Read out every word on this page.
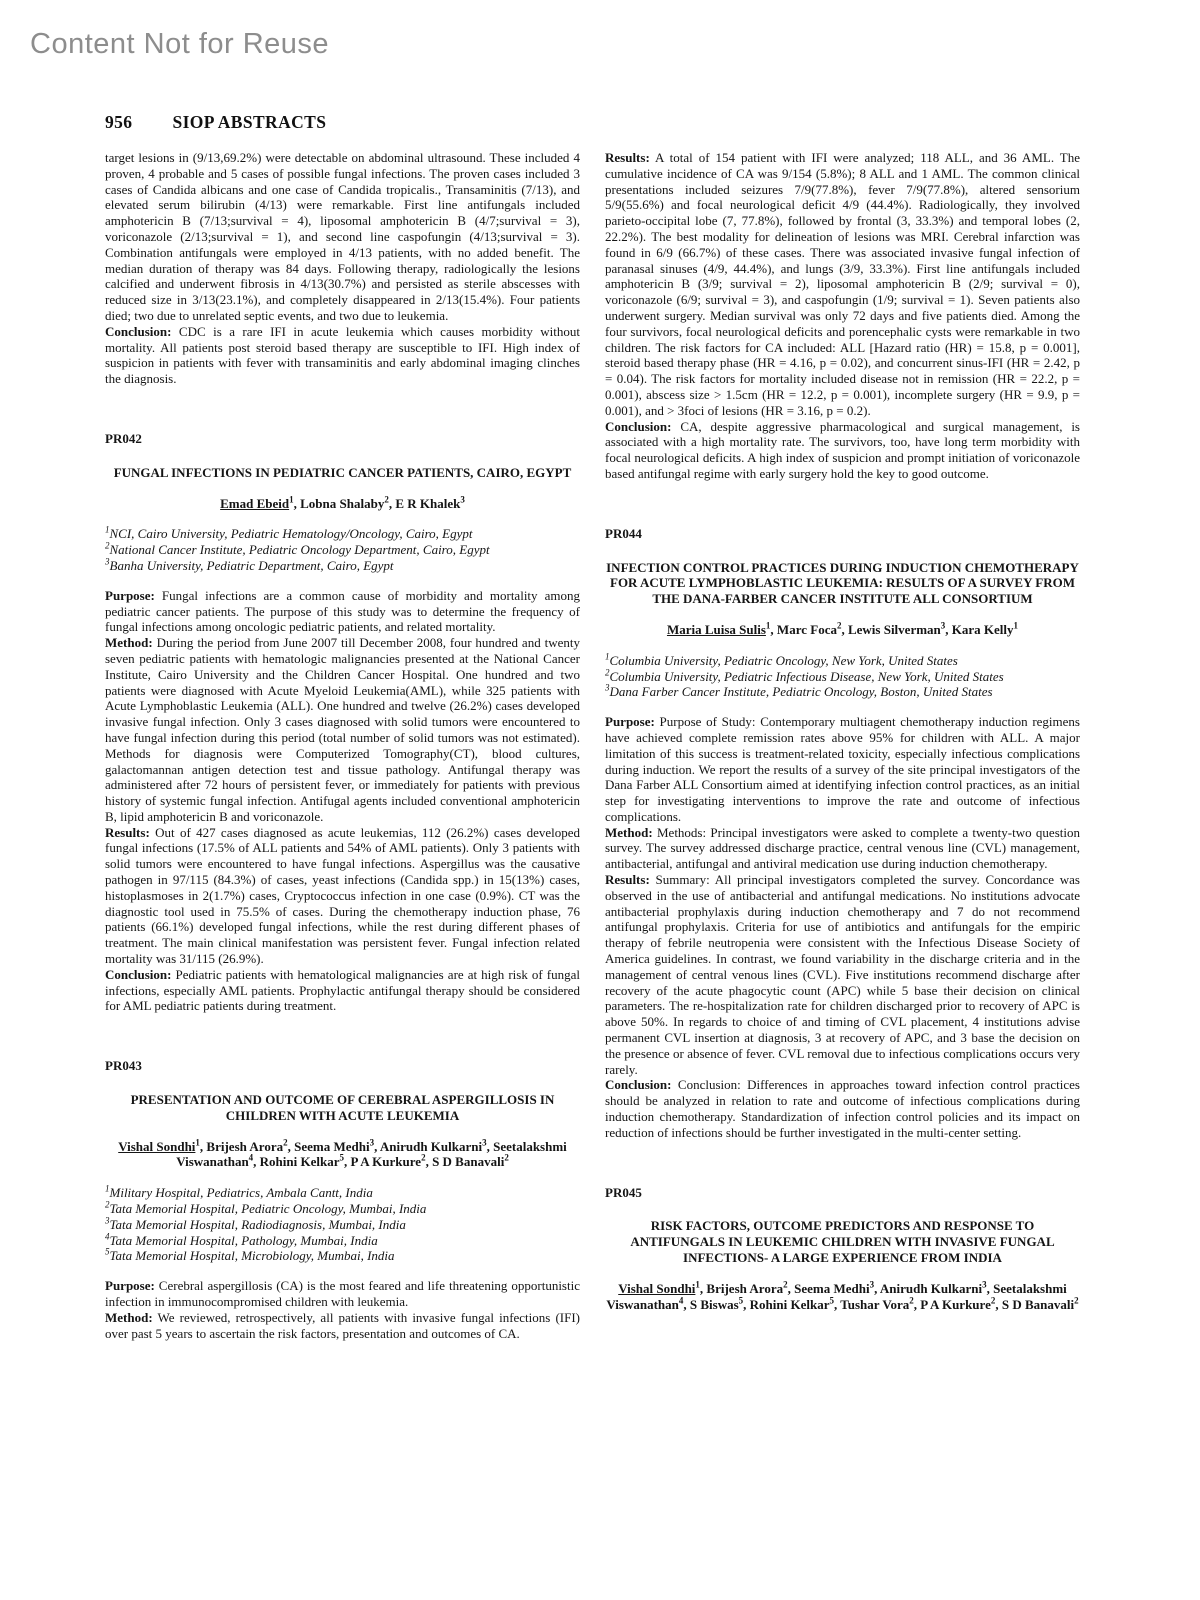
Content Not for Reuse
956 SIOP ABSTRACTS

target lesions in (9/13,69.2%) were detectable on abdominal ultrasound. These included 4 proven, 4 probable and 5 cases of possible fungal infections. The proven cases included 3 cases of Candida albicans and one case of Candida tropicalis., Transaminitis (7/13), and elevated serum bilirubin (4/13) were remarkable. First line antifungals included amphotericin B (7/13;survival = 4), liposomal amphotericin B (4/7;survival = 3), voriconazole (2/13;survival = 1), and second line caspofungin (4/13;survival = 3). Combination antifungals were employed in 4/13 patients, with no added benefit. The median duration of therapy was 84 days. Following therapy, radiologically the lesions calcified and underwent fibrosis in 4/13(30.7%) and persisted as sterile abscesses with reduced size in 3/13(23.1%), and completely disappeared in 2/13(15.4%). Four patients died; two due to unrelated septic events, and two due to leukemia.

Conclusion: CDC is a rare IFI in acute leukemia which causes morbidity without mortality. All patients post steroid based therapy are susceptible to IFI. High index of suspicion in patients with fever with transaminitis and early abdominal imaging clinches the diagnosis.

PR042
FUNGAL INFECTIONS IN PEDIATRIC CANCER PATIENTS, CAIRO, EGYPT
Emad Ebeid$^1$, Lobna Shalaby$^2$, E R Khalek$^3$
$^1$NCI, Cairo University, Pediatric Hematology/Oncology, Cairo, Egypt
$^2$National Cancer Institute, Pediatric Oncology Department, Cairo, Egypt
$^3$Banha University, Pediatric Department, Cairo, Egypt

Purpose: Fungal infections are a common cause of morbidity and mortality among pediatric cancer patients. The purpose of this study was to determine the frequency of fungal infections among oncologic pediatric patients, and related mortality.

Method: During the period from June 2007 till December 2008, four hundred and twenty seven pediatric patients with hematologic malignancies presented at the National Cancer Institute, Cairo University and the Children Cancer Hospital. One hundred and two patients were diagnosed with Acute Myeloid Leukemia(AML), while 325 patients with Acute Lymphoblastic Leukemia (ALL). One hundred and twelve (26.2%) cases developed invasive fungal infection. Only 3 cases diagnosed with solid tumors were encountered to have fungal infection during this period (total number of solid tumors was not estimated). Methods for diagnosis were Computerized Tomography(CT), blood cultures, galactomannan antigen detection test and tissue pathology. Antifungal therapy was administered after 72 hours of persistent fever, or immediately for patients with previous history of systemic fungal infection. Antifugal agents included conventional amphotericin B, lipid amphotericin B and voriconazole.

Results: Out of 427 cases diagnosed as acute leukemias, 112 (26.2%) cases developed fungal infections (17.5% of ALL patients and 54% of AML patients). Only 3 patients with solid tumors were encountered to have fungal infections. Aspergillus was the causative pathogen in 97/115 (84.3%) of cases, yeast infections (Candida spp.) in 15(13%) cases, histoplasmoses in 2(1.7%) cases, Cryptococcus infection in one case (0.9%). CT was the diagnostic tool used in 75.5% of cases. During the chemotherapy induction phase, 76 patients (66.1%) developed fungal infections, while the rest during different phases of treatment. The main clinical manifestation was persistent fever. Fungal infection related mortality was 31/115 (26.9%).

Conclusion: Pediatric patients with hematological malignancies are at high risk of fungal infections, especially AML patients. Prophylactic antifungal therapy should be considered for AML pediatric patients during treatment.

PR043
PRESENTATION AND OUTCOME OF CEREBRAL ASPERGILLOSIS IN CHILDREN WITH ACUTE LEUKEMIA
Vishal Sondhi$^1$, Brijesh Arora$^2$, Seema Medhi$^3$, Anirudh Kulkarni$^3$, Seetalakshmi Viswanathan$^4$, Rohini Kelkar$^5$, P A Kurkure$^2$, S D Banavali$^2$
$^1$Military Hospital, Pediatrics, Ambala Cantt, India
$^2$Tata Memorial Hospital, Pediatric Oncology, Mumbai, India
$^3$Tata Memorial Hospital, Radiodiagnosis, Mumbai, India
$^4$Tata Memorial Hospital, Pathology, Mumbai, India
$^5$Tata Memorial Hospital, Microbiology, Mumbai, India

Purpose: Cerebral aspergillosis (CA) is the most feared and life threatening opportunistic infection in immunocompromised children with leukemia.

Method: We reviewed, retrospectively, all patients with invasive fungal infections (IFI) over past 5 years to ascertain the risk factors, presentation and outcomes of CA.

Results: A total of 154 patient with IFI were analyzed; 118 ALL, and 36 AML. The cumulative incidence of CA was 9/154 (5.8%); 8 ALL and 1 AML. The common clinical presentations included seizures 7/9(77.8%), fever 7/9(77.8%), altered sensorium 5/9(55.6%) and focal neurological deficit 4/9 (44.4%). Radiologically, they involved parieto-occipital lobe (7, 77.8%), followed by frontal (3, 33.3%) and temporal lobes (2, 22.2%). The best modality for delineation of lesions was MRI. Cerebral infarction was found in 6/9 (66.7%) of these cases. There was associated invasive fungal infection of paranasal sinuses (4/9, 44.4%), and lungs (3/9, 33.3%). First line antifungals included amphotericin B (3/9; survival = 2), liposomal amphotericin B (2/9; survival = 0), voriconazole (6/9; survival = 3), and caspofungin (1/9; survival = 1). Seven patients also underwent surgery. Median survival was only 72 days and five patients died. Among the four survivors, focal neurological deficits and porencephalic cysts were remarkable in two children. The risk factors for CA included: ALL [Hazard ratio (HR) = 15.8, p = 0.001], steroid based therapy phase (HR = 4.16, p = 0.02), and concurrent sinus-IFI (HR = 2.42, p = 0.04). The risk factors for mortality included disease not in remission (HR = 22.2, p = 0.001), abscess size > 1.5cm (HR = 12.2, p = 0.001), incomplete surgery (HR = 9.9, p = 0.001), and > 3foci of lesions (HR = 3.16, p = 0.2).

Conclusion: CA, despite aggressive pharmacological and surgical management, is associated with a high mortality rate. The survivors, too, have long term morbidity with focal neurological deficits. A high index of suspicion and prompt initiation of voriconazole based antifungal regime with early surgery hold the key to good outcome.

PR044
INFECTION CONTROL PRACTICES DURING INDUCTION CHEMOTHERAPY FOR ACUTE LYMPHOBLASTIC LEUKEMIA: RESULTS OF A SURVEY FROM THE DANA-FARBER CANCER INSTITUTE ALL CONSORTIUM
Maria Luisa Sulis$^1$, Marc Foca$^2$, Lewis Silverman$^3$, Kara Kelly$^1$
$^1$Columbia University, Pediatric Oncology, New York, United States
$^2$Columbia University, Pediatric Infectious Disease, New York, United States
$^3$Dana Farber Cancer Institute, Pediatric Oncology, Boston, United States

Purpose: Purpose of Study: Contemporary multiagent chemotherapy induction regimens have achieved complete remission rates above 95% for children with ALL. A major limitation of this success is treatment-related toxicity, especially infectious complications during induction. We report the results of a survey of the site principal investigators of the Dana Farber ALL Consortium aimed at identifying infection control practices, as an initial step for investigating interventions to improve the rate and outcome of infectious complications.

Method: Methods: Principal investigators were asked to complete a twenty-two question survey. The survey addressed discharge practice, central venous line (CVL) management, antibacterial, antifungal and antiviral medication use during induction chemotherapy.

Results: Summary: All principal investigators completed the survey. Concordance was observed in the use of antibacterial and antifungal medications. No institutions advocate antibacterial prophylaxis during induction chemotherapy and 7 do not recommend antifungal prophylaxis. Criteria for use of antibiotics and antifungals for the empiric therapy of febrile neutropenia were consistent with the Infectious Disease Society of America guidelines. In contrast, we found variability in the discharge criteria and in the management of central venous lines (CVL). Five institutions recommend discharge after recovery of the acute phagocytic count (APC) while 5 base their decision on clinical parameters. The re-hospitalization rate for children discharged prior to recovery of APC is above 50%. In regards to choice of and timing of CVL placement, 4 institutions advise permanent CVL insertion at diagnosis, 3 at recovery of APC, and 3 base the decision on the presence or absence of fever. CVL removal due to infectious complications occurs very rarely.

Conclusion: Conclusion: Differences in approaches toward infection control practices should be analyzed in relation to rate and outcome of infectious complications during induction chemotherapy. Standardization of infection control policies and its impact on reduction of infections should be further investigated in the multi-center setting.

PR045
RISK FACTORS, OUTCOME PREDICTORS AND RESPONSE TO ANTIFUNGALS IN LEUKEMIC CHILDREN WITH INVASIVE FUNGAL INFECTIONS- A LARGE EXPERIENCE FROM INDIA
Vishal Sondhi$^1$, Brijesh Arora$^2$, Seema Medhi$^3$, Anirudh Kulkarni$^3$, Seetalakshmi Viswanathan$^4$, S Biswas$^5$, Rohini Kelkar$^5$, Tushar Vora$^2$, P A Kurkure$^2$, S D Banavali$^2$
